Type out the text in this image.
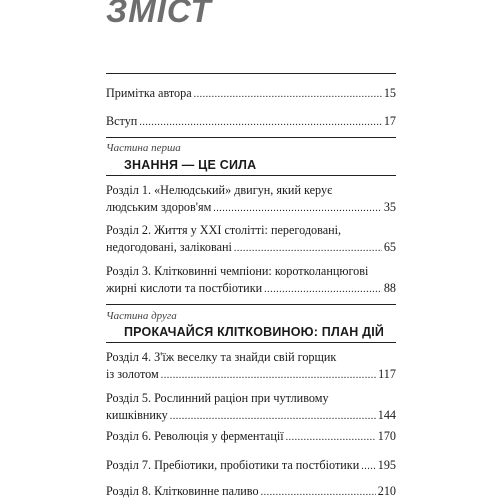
ЗМІСТ
Примітка автора .....	15
Вступ .....	17
Частина перша
ЗНАННЯ — ЦЕ СИЛА
Розділ 1. «Нелюдський» двигун, який керує
людським здоров'ям .....	35
Розділ 2. Життя у XXI столітті: перегодовані,
недогодовані, заліковані .....	65
Розділ 3. Клітковинні чемпіони: коротколанцюгові
жирні кислоти та постбіотики .....	88
Частина друга
ПРОКАЧАЙСЯ КЛІТКОВИНОЮ: ПЛАН ДІЙ
Розділ 4. З'їж веселку та знайди свій горщик
із золотом .....	117
Розділ 5. Рослинний раціон при чутливому
кишківнику .....	144
Розділ 6. Революція у ферментації .....	170
Розділ 7. Пребіотики, пробіотики та постбіотики ..... 195
Розділ 8. Клітковинне паливо .....	210
